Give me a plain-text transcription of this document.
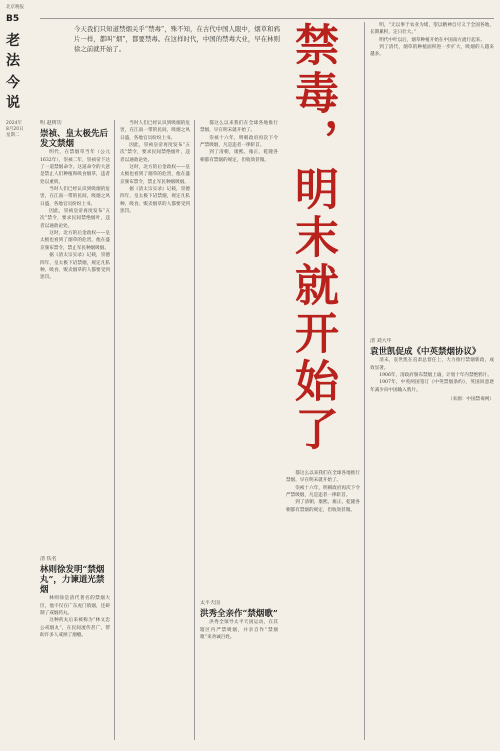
北京晚报
B5
老法
今说
2024年
8月20日
星期二
今天我们只知道禁烟关乎“禁毒”，殊不知，在古代中国人眼中，烟草和鸦片一样，都叫“烟”，都要禁毒。在这样时代，中国的禁毒大业，早在林则徐之前就开始了。	禁毒，明末就开始了
明 赵树功
崇祯、皇太极先后发文禁烟

明代，在禁烟草当年（公元1632年），崇祯二年，崇祯帝下达了一道禁烟命令。这道命令的大意是禁止人们种植和吸食烟草，违者处以重刑。

当时人们已经认识到吸烟的危害，在江南一带的民间，吸烟之风日盛，各地官员纷纷上书。

因此，崇祯皇帝再度发布“五次”禁令，要求民间禁绝烟叶，违者以通敌论处。

这时，北方的后金政权——皇太极也看到了烟草的危害，他在盛京颁布禁令，禁止军民种烟吸烟。

据《清太宗实录》记载，崇德四年，皇太极下诏禁烟，规定凡私种、吸食、贩卖烟草的人都要受到惩罚。

清 佚名
林则徐发明“禁烟丸”，力谏道光禁烟

林则徐是清代著名的禁烟大臣，他不仅在广东虎门销烟，还研制了戒烟药丸。

这种药丸后来被称为“林文忠公戒烟丸”，在民间流传甚广，帮助许多人戒掉了烟瘾。

当时人们已经认识到吸烟的危害，在江南一带的民间，吸烟之风日盛，各地官员纷纷上书。

因此，崇祯皇帝再度发布“五次”禁令，要求民间禁绝烟叶，违者以通敌论处。

这时，北方的后金政权——皇太极也看到了烟草的危害，他在盛京颁布禁令，禁止军民种烟吸烟。

据《清太宗实录》记载，崇德四年，皇太极下诏禁烟，规定凡私种、吸食、贩卖烟草的人都要受到惩罚。

都这么以来我们在全球各地推行禁烟，早在明末就开始了。

崇祯十六年，明朝政府再次下令严禁吸烟，凡是违者一律斩首。

到了清朝，康熙、雍正、乾隆各朝都有禁烟的规定，但收效甚微。

都这么以来我们在全球各地推行禁烟，早在明末就开始了。

崇祯十六年，明朝政府再次下令严禁吸烟，凡是违者一律斩首。

到了清朝，康熙、雍正、乾隆各朝都有禁烟的规定，但收效甚微。

太平天国
洪秀全亲作“禁烟歌”

洪秀全领导太平天国运动，在其辖区内严禁吸烟，并亲自作“禁烟歌”来劝诫百姓。

明，“无以事于农业为堵，望以精神自尽义于全国各地，长期累积，定日壮大。”

明代中叶以后，烟草种植开始在中国南方流行起来。

到了清代，烟草的种植面积进一步扩大，吸烟的人越来越多。

清 刘大年
袁世凯促成《中英禁烟协议》

清末，袁世凯在直隶总督任上，大力推行禁烟新政，成效显著。

1906年，清政府颁布禁烟上谕，计划十年内禁绝鸦片。

1907年，中英两国签订《中英禁烟条约》，英国同意逐年减少向中国输入鸦片。

（来源：中国禁毒网）
